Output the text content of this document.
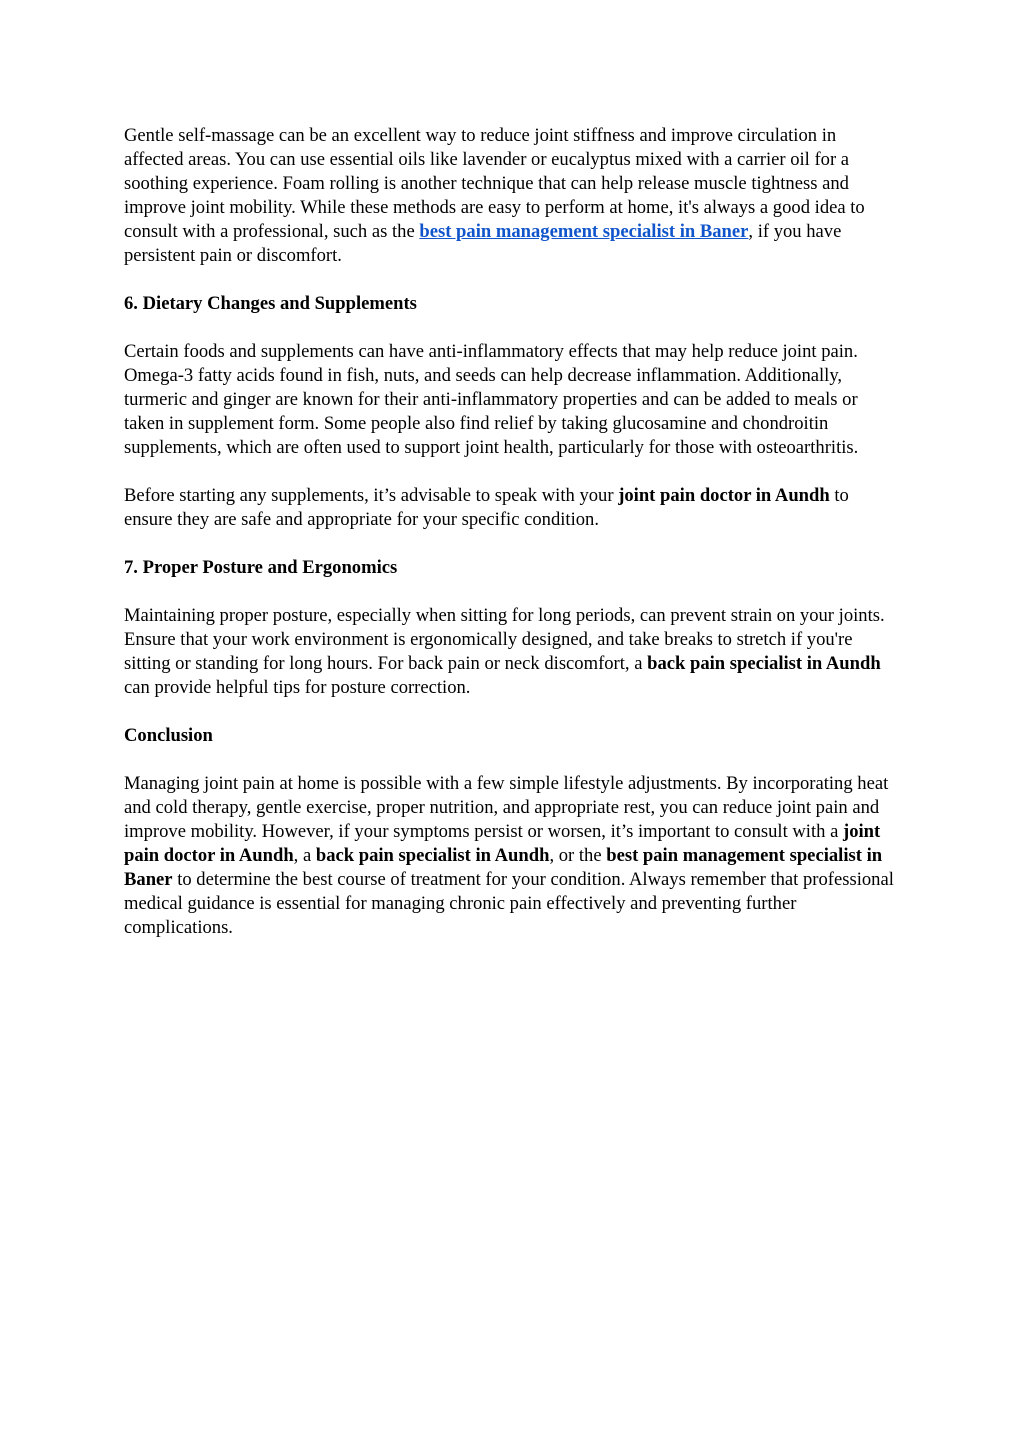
Gentle self-massage can be an excellent way to reduce joint stiffness and improve circulation in affected areas. You can use essential oils like lavender or eucalyptus mixed with a carrier oil for a soothing experience. Foam rolling is another technique that can help release muscle tightness and improve joint mobility. While these methods are easy to perform at home, it's always a good idea to consult with a professional, such as the best pain management specialist in Baner, if you have persistent pain or discomfort.

6. Dietary Changes and Supplements

Certain foods and supplements can have anti-inflammatory effects that may help reduce joint pain. Omega-3 fatty acids found in fish, nuts, and seeds can help decrease inflammation. Additionally, turmeric and ginger are known for their anti-inflammatory properties and can be added to meals or taken in supplement form. Some people also find relief by taking glucosamine and chondroitin supplements, which are often used to support joint health, particularly for those with osteoarthritis.

Before starting any supplements, it’s advisable to speak with your joint pain doctor in Aundh to ensure they are safe and appropriate for your specific condition.

7. Proper Posture and Ergonomics

Maintaining proper posture, especially when sitting for long periods, can prevent strain on your joints. Ensure that your work environment is ergonomically designed, and take breaks to stretch if you're sitting or standing for long hours. For back pain or neck discomfort, a back pain specialist in Aundh can provide helpful tips for posture correction.

Conclusion

Managing joint pain at home is possible with a few simple lifestyle adjustments. By incorporating heat and cold therapy, gentle exercise, proper nutrition, and appropriate rest, you can reduce joint pain and improve mobility. However, if your symptoms persist or worsen, it’s important to consult with a joint pain doctor in Aundh, a back pain specialist in Aundh, or the best pain management specialist in Baner to determine the best course of treatment for your condition. Always remember that professional medical guidance is essential for managing chronic pain effectively and preventing further complications.
